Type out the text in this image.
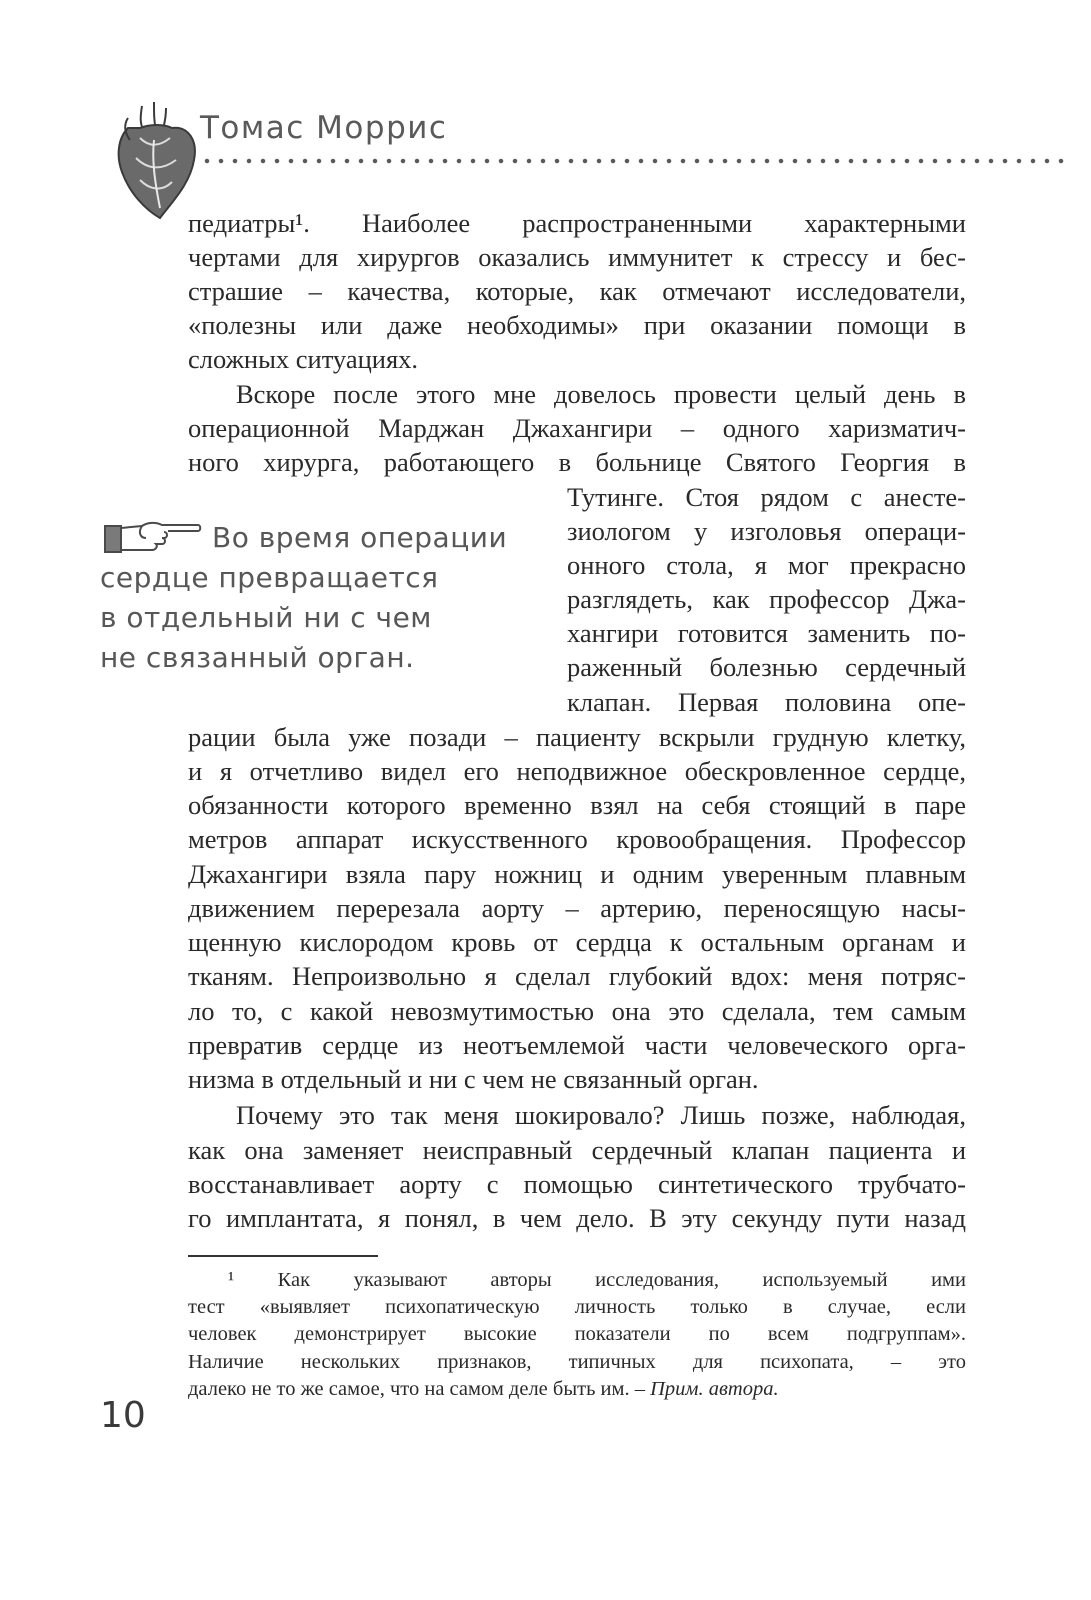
Томас Моррис
педиатры¹. Наиболее распространенными характерными
чертами для хирургов оказались иммунитет к стрессу и бес-
страшие – качества, которые, как отмечают исследователи,
«полезны или даже необходимы» при оказании помощи в
сложных ситуациях.
Вскоре после этого мне довелось провести целый день в
операционной Марджан Джахангири – одного харизматич-
ного хирурга, работающего в больнице Святого Георгия в
Тутинге. Стоя рядом с анесте-
зиологом у изголовья операци-
онного стола, я мог прекрасно
разглядеть, как профессор Джа-
хангири готовится заменить по-
раженный болезнью сердечный
клапан. Первая половина опе-
Во время операции
сердце превращается
в отдельный ни с чем
не связанный орган.
рации была уже позади – пациенту вскрыли грудную клетку,
и я отчетливо видел его неподвижное обескровленное сердце,
обязанности которого временно взял на себя стоящий в паре
метров аппарат искусственного кровообращения. Профессор
Джахангири взяла пару ножниц и одним уверенным плавным
движением перерезала аорту – артерию, переносящую насы-
щенную кислородом кровь от сердца к остальным органам и
тканям. Непроизвольно я сделал глубокий вдох: меня потряс-
ло то, с какой невозмутимостью она это сделала, тем самым
превратив сердце из неотъемлемой части человеческого орга-
низма в отдельный и ни с чем не связанный орган.
Почему это так меня шокировало? Лишь позже, наблюдая,
как она заменяет неисправный сердечный клапан пациента и
восстанавливает аорту с помощью синтетического трубчато-
го имплантата, я понял, в чем дело. В эту секунду пути назад
¹ Как указывают авторы исследования, используемый ими
тест «выявляет психопатическую личность только в случае, если
человек демонстрирует высокие показатели по всем подгруппам».
Наличие нескольких признаков, типичных для психопата, – это
далеко не то же самое, что на самом деле быть им. – Прим. автора.
10
